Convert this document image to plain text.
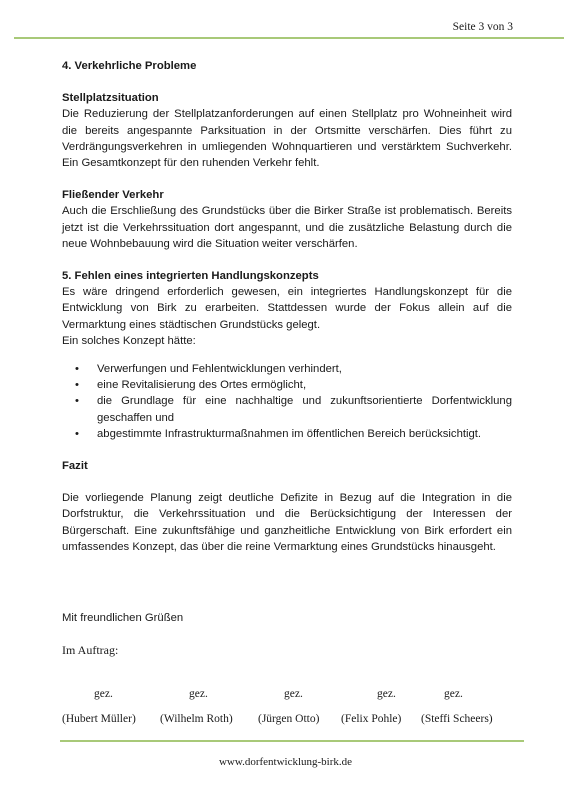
Seite 3 von 3

4. Verkehrliche Probleme

Stellplatzsituation

Die Reduzierung der Stellplatzanforderungen auf einen Stellplatz pro Wohneinheit wird die bereits angespannte Parksituation in der Ortsmitte verschärfen. Dies führt zu Verdrängungsverkehren in umliegenden Wohnquartieren und verstärktem Suchverkehr. Ein Gesamtkonzept für den ruhenden Verkehr fehlt.

Fließender Verkehr

Auch die Erschließung des Grundstücks über die Birker Straße ist problematisch. Bereits jetzt ist die Verkehrssituation dort angespannt, und die zusätzliche Belastung durch die neue Wohnbebauung wird die Situation weiter verschärfen.

5. Fehlen eines integrierten Handlungskonzepts

Es wäre dringend erforderlich gewesen, ein integriertes Handlungskonzept für die Entwicklung von Birk zu erarbeiten. Stattdessen wurde der Fokus allein auf die Vermarktung eines städtischen Grundstücks gelegt.

Ein solches Konzept hätte:

• Verwerfungen und Fehlentwicklungen verhindert,
• eine Revitalisierung des Ortes ermöglicht,
• die Grundlage für eine nachhaltige und zukunftsorientierte Dorfentwicklung geschaffen und
• abgestimmte Infrastrukturmaßnahmen im öffentlichen Bereich berücksichtigt.

Fazit

Die vorliegende Planung zeigt deutliche Defizite in Bezug auf die Integration in die Dorfstruktur, die Verkehrssituation und die Berücksichtigung der Interessen der Bürgerschaft. Eine zukunftsfähige und ganzheitliche Entwicklung von Birk erfordert ein umfassendes Konzept, das über die reine Vermarktung eines Grundstücks hinausgeht.

Mit freundlichen Grüßen
Im Auftrag:
gez.	gez.	gez.	gez.	gez.
(Hubert Müller) (Wilhelm Roth) (Jürgen Otto) (Felix Pohle) (Steffi Scheers)
www.dorfentwicklung-birk.de
